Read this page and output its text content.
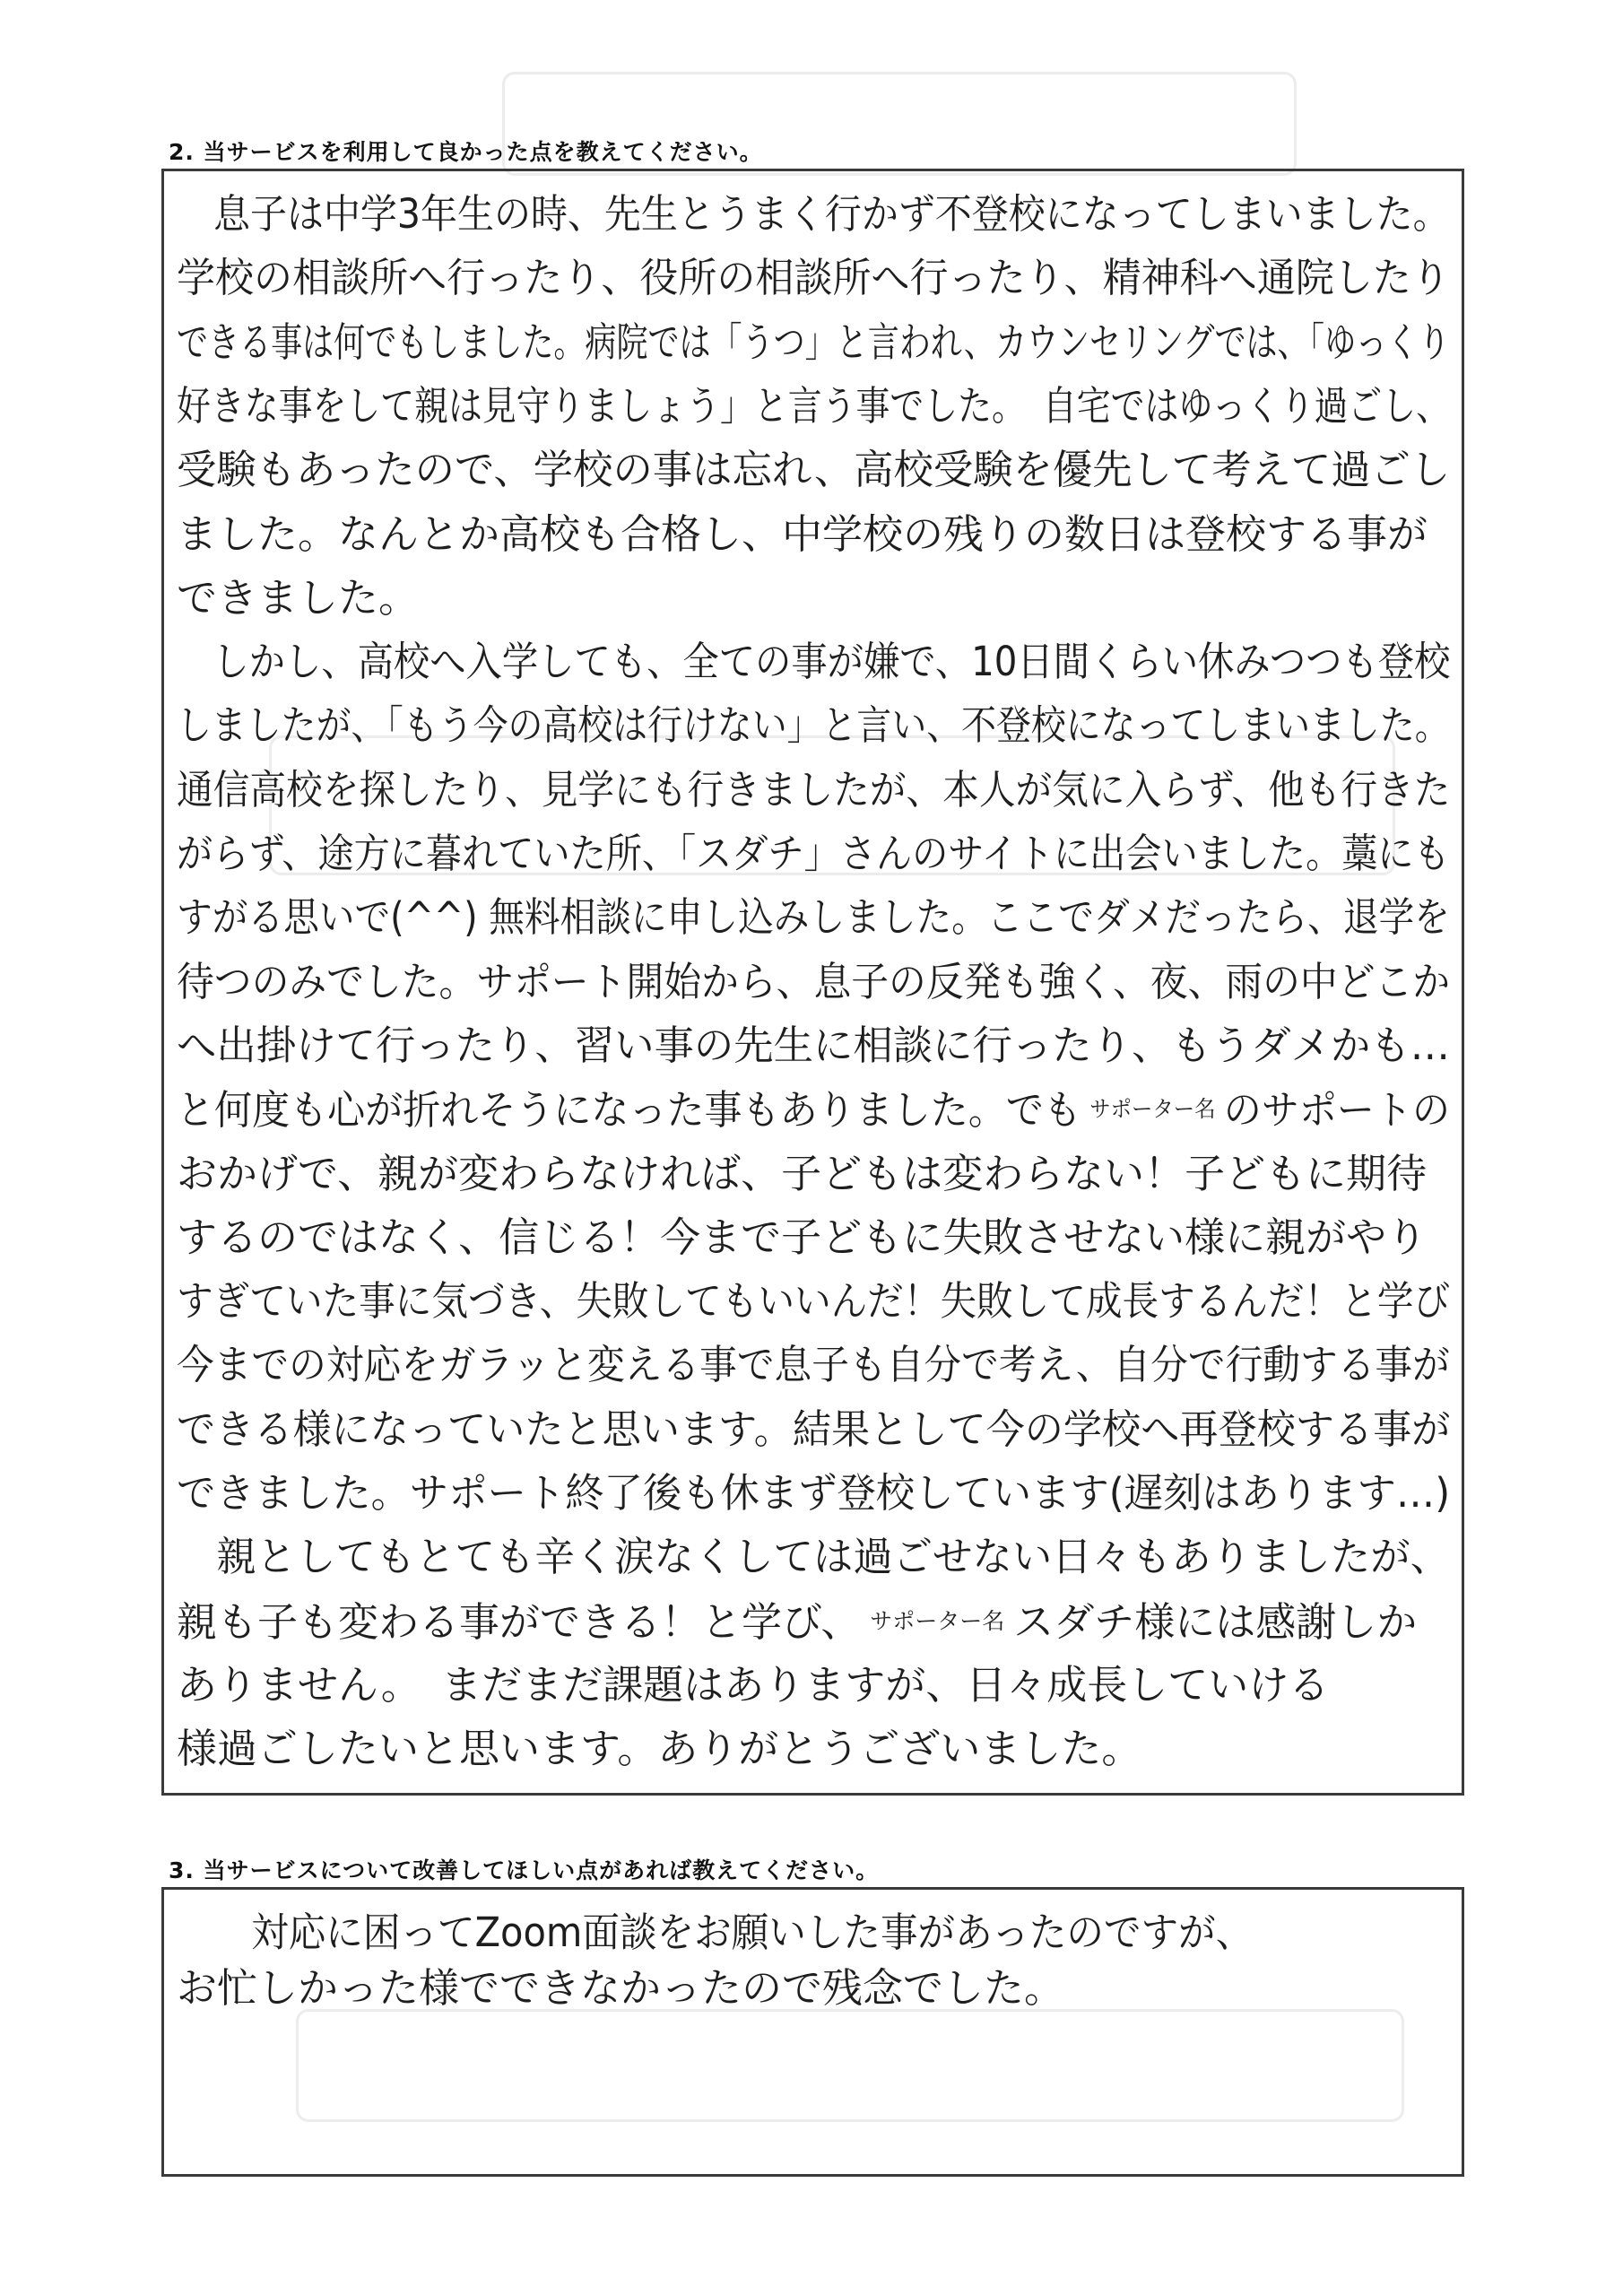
2. 当サービスを利用して良かった点を教えてください。
　息子は中学3年生の時、先生とうまく行かず不登校になってしまいました。
学校の相談所へ行ったり、役所の相談所へ行ったり、精神科へ通院したり
できる事は何でもしました。病院では「うつ」と言われ、カウンセリングでは、「ゆっくり
好きな事をして親は見守りましょう」と言う事でした。　自宅ではゆっくり過ごし、
受験もあったので、学校の事は忘れ、高校受験を優先して考えて過ごし
ました。なんとか高校も合格し、中学校の残りの数日は登校する事が
できました。
　しかし、高校へ入学しても、全ての事が嫌で、10日間くらい休みつつも登校
しましたが、「もう今の高校は行けない」と言い、不登校になってしまいました。
通信高校を探したり、見学にも行きましたが、本人が気に入らず、他も行きた
がらず、途方に暮れていた所、「スダチ」さんのサイトに出会いました。藁にも
すがる思いで(^^) 無料相談に申し込みしました。ここでダメだったら、退学を
待つのみでした。サポート開始から、息子の反発も強く、夜、雨の中どこか
へ出掛けて行ったり、習い事の先生に相談に行ったり、もうダメかも…
と何度も心が折れそうになった事もありました。でも サポーター名 のサポートの
おかげで、親が変わらなければ、子どもは変わらない！子どもに期待
するのではなく、信じる！今まで子どもに失敗させない様に親がやり
すぎていた事に気づき、失敗してもいいんだ！失敗して成長するんだ！と学び
今までの対応をガラッと変える事で息子も自分で考え、自分で行動する事が
できる様になっていたと思います。結果として今の学校へ再登校する事が
できました。サポート終了後も休まず登校しています(遅刻はあります…)
　親としてもとても辛く涙なくしては過ごせない日々もありましたが、
親も子も変わる事ができる！と学び、 サポーター名 スダチ様には感謝しか
ありません。　まだまだ課題はありますが、日々成長していける
様過ごしたいと思います。ありがとうございました。
3. 当サービスについて改善してほしい点があれば教えてください。
　　対応に困ってZoom面談をお願いした事があったのですが、
お忙しかった様でできなかったので残念でした。
